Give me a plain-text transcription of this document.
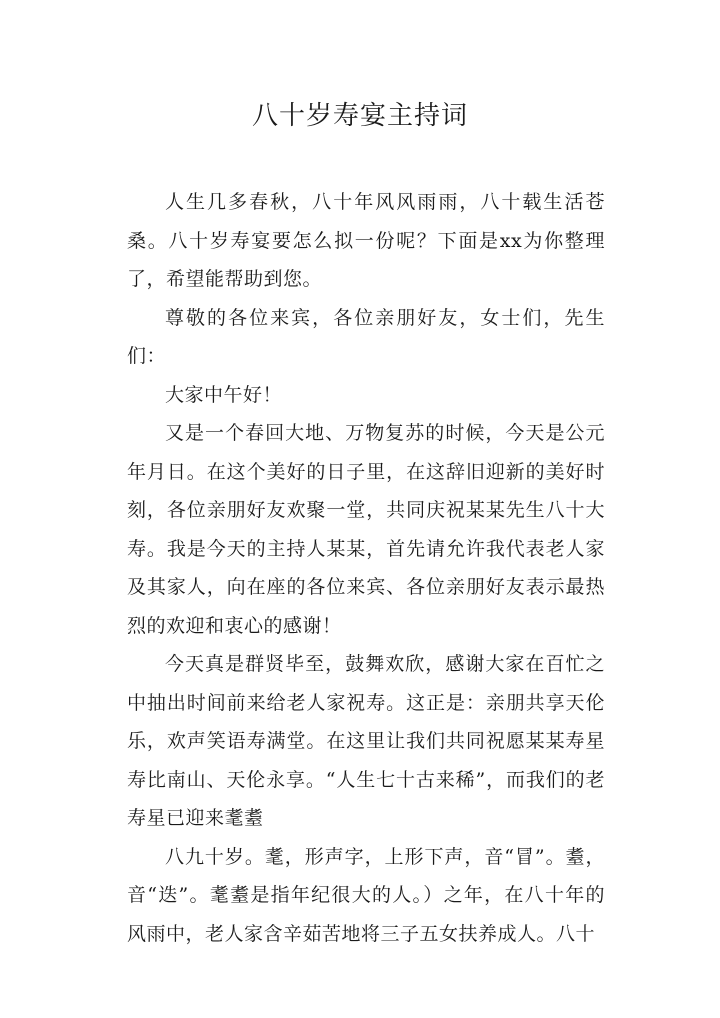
八十岁寿宴主持词

人生几多春秋，八十年风风雨雨，八十载生活苍桑。八十岁寿宴要怎么拟一份呢？下面是xx为你整理了，希望能帮助到您。

尊敬的各位来宾，各位亲朋好友，女士们，先生们：

大家中午好！

又是一个春回大地、万物复苏的时候，今天是公元年月日。在这个美好的日子里，在这辞旧迎新的美好时刻，各位亲朋好友欢聚一堂，共同庆祝某某先生八十大寿。我是今天的主持人某某，首先请允许我代表老人家及其家人，向在座的各位来宾、各位亲朋好友表示最热烈的欢迎和衷心的感谢！

今天真是群贤毕至，鼓舞欢欣，感谢大家在百忙之中抽出时间前来给老人家祝寿。这正是：亲朋共享天伦乐，欢声笑语寿满堂。在这里让我们共同祝愿某某寿星寿比南山、天伦永享。“人生七十古来稀”，而我们的老寿星已迎来耄耋

八九十岁。耄，形声字，上形下声，音“冒”。耋，音“迭”。耄耋是指年纪很大的人。）之年，在八十年的风雨中，老人家含辛茹苦地将三子五女扶养成人。八十
